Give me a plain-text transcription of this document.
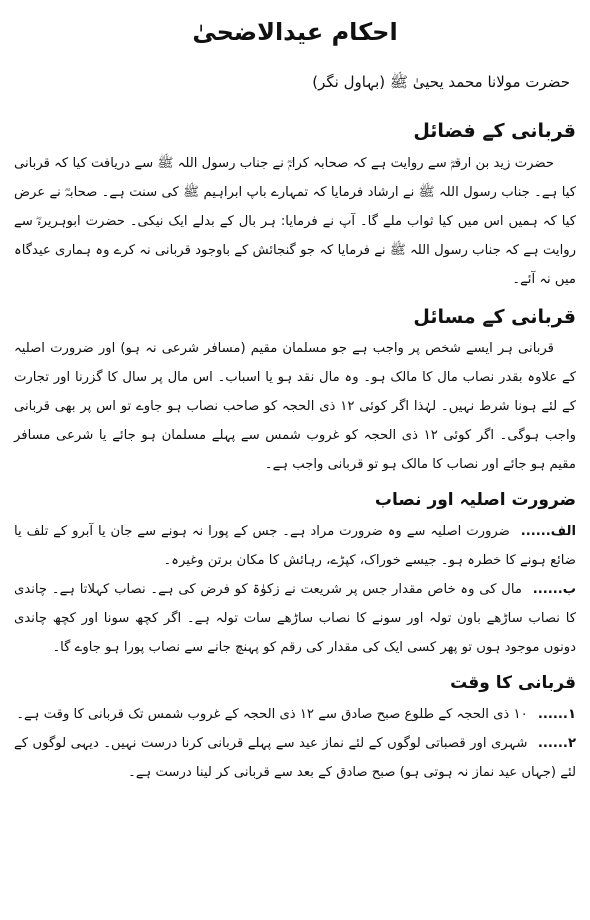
احکام عیدالاضحیٰ
حضرت مولانا محمد یحییٰ ﷺ (بہاول نگر)
قربانی کے فضائل

حضرت زید بن ارقمؓ سے روایت ہے کہ صحابہ کرامؓ نے جناب رسول اللہ ﷺ سے دریافت کیا کہ قربانی کیا ہے۔ جناب رسول اللہ ﷺ نے ارشاد فرمایا کہ تمہارے باپ ابراہیم ﷺ کی سنت ہے۔ صحابہؓ نے عرض کیا کہ ہمیں اس میں کیا ثواب ملے گا۔ آپ نے فرمایا: ہر بال کے بدلے ایک نیکی۔ حضرت ابوہریرہؓ سے روایت ہے کہ جناب رسول اللہ ﷺ نے فرمایا کہ جو گنجائش کے باوجود قربانی نہ کرے وہ ہماری عیدگاہ میں نہ آئے۔

قربانی کے مسائل

قربانی ہر ایسے شخص پر واجب ہے جو مسلمان مقیم (مسافر شرعی نہ ہو) اور ضرورت اصلیہ کے علاوہ بقدر نصاب مال کا مالک ہو۔ وہ مال نقد ہو یا اسباب۔ اس مال پر سال کا گزرنا اور تجارت کے لئے ہونا شرط نہیں۔ لہٰذا اگر کوئی ۱۲ ذی الحجہ کو صاحب نصاب ہو جاوے تو اس پر بھی قربانی واجب ہوگی۔ اگر کوئی ۱۲ ذی الحجہ کو غروب شمس سے پہلے مسلمان ہو جائے یا شرعی مسافر مقیم ہو جائے اور نصاب کا مالک ہو تو قربانی واجب ہے۔

ضرورت اصلیہ اور نصاب

الف...... ضرورت اصلیہ سے وہ ضرورت مراد ہے۔ جس کے پورا نہ ہونے سے جان یا آبرو کے تلف یا ضائع ہونے کا خطرہ ہو۔ جیسے خوراک، کپڑے، رہائش کا مکان برتن وغیرہ۔

ب...... مال کی وہ خاص مقدار جس پر شریعت نے زکوٰۃ کو فرض کی ہے۔ نصاب کہلاتا ہے۔ چاندی کا نصاب ساڑھے باون تولہ اور سونے کا نصاب ساڑھے سات تولہ ہے۔ اگر کچھ سونا اور کچھ چاندی دونوں موجود ہوں تو پھر کسی ایک کی مقدار کی رقم کو پہنچ جانے سے نصاب پورا ہو جاوے گا۔

قربانی کا وقت

۱...... ۱۰ ذی الحجہ کے طلوع صبح صادق سے ۱۲ ذی الحجہ کے غروب شمس تک قربانی کا وقت ہے۔

۲...... شہری اور قصباتی لوگوں کے لئے نماز عید سے پہلے قربانی کرنا درست نہیں۔ دیہی لوگوں کے لئے (جہاں عید نماز نہ ہوتی ہو) صبح صادق کے بعد سے قربانی کر لینا درست ہے۔
